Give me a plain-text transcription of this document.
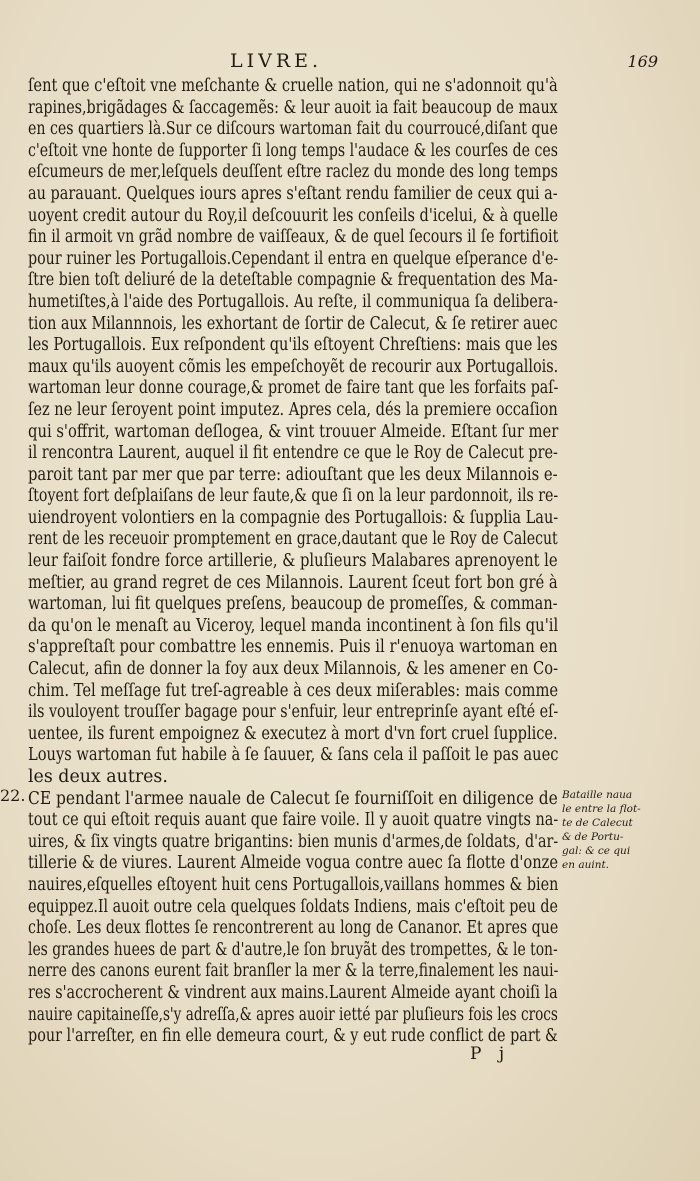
LIVRE.	169
ſent que c'eſtoit vne meſchante & cruelle nation, qui ne s'adonnoit qu'à
rapines,brigãdages & ſaccagemẽs: & leur auoit ia fait beaucoup de maux
en ces quartiers là.Sur ce diſcours wartoman fait du courroucé,diſant que
c'eſtoit vne honte de ſupporter ſi long temps l'audace & les courſes de ces
eſcumeurs de mer,leſquels deuſſent eſtre raclez du monde des long temps
au parauant. Quelques iours apres s'eſtant rendu familier de ceux qui a-
uoyent credit autour du Roy,il deſcouurit les conſeils d'icelui, & à quelle
fin il armoit vn grãd nombre de vaiſſeaux, & de quel ſecours il ſe fortifioit
pour ruiner les Portugallois.Cependant il entra en quelque eſperance d'e-
ſtre bien toſt deliuré de la deteſtable compagnie & frequentation des Ma-
humetiſtes,à l'aide des Portugallois. Au reſte, il communiqua ſa delibera-
tion aux Milannnois, les exhortant de ſortir de Calecut, & ſe retirer auec
les Portugallois. Eux reſpondent qu'ils eſtoyent Chreſtiens: mais que les
maux qu'ils auoyent cõmis les empeſchoyẽt de recourir aux Portugallois.
wartoman leur donne courage,& promet de faire tant que les forfaits paſ-
ſez ne leur ſeroyent point imputez. Apres cela, dés la premiere occaſion
qui s'offrit, wartoman deſlogea, & vint trouuer Almeide. Eſtant ſur mer
il rencontra Laurent, auquel il fit entendre ce que le Roy de Calecut pre-
paroit tant par mer que par terre: adiouſtant que les deux Milannois e-
ſtoyent fort deſplaiſans de leur faute,& que ſi on la leur pardonnoit, ils re-
uiendroyent volontiers en la compagnie des Portugallois: & ſupplia Lau-
rent de les receuoir promptement en grace,dautant que le Roy de Calecut
leur faiſoit fondre force artillerie, & pluſieurs Malabares aprenoyent le
meſtier, au grand regret de ces Milannois. Laurent ſceut fort bon gré à
wartoman, lui fit quelques preſens, beaucoup de promeſſes, & comman-
da qu'on le menaſt au Viceroy, lequel manda incontinent à ſon fils qu'il
s'appreſtaſt pour combattre les ennemis. Puis il r'enuoya wartoman en
Calecut, afin de donner la foy aux deux Milannois, & les amener en Co-
chim. Tel meſſage fut treſ-agreable à ces deux miſerables: mais comme
ils vouloyent trouſſer bagage pour s'enfuir, leur entreprinſe ayant eſté eſ-
uentee, ils furent empoignez & executez à mort d'vn fort cruel ſupplice.
Louys wartoman fut habile à ſe ſauuer, & ſans cela il paſſoit le pas auec
les deux autres.
CE pendant l'armee nauale de Calecut ſe fourniſſoit en diligence de
tout ce qui eſtoit requis auant que faire voile. Il y auoit quatre vingts na-
uires, & ſix vingts quatre brigantins: bien munis d'armes,de ſoldats, d'ar-
tillerie & de viures. Laurent Almeide vogua contre auec ſa flotte d'onze
nauires,eſquelles eſtoyent huit cens Portugallois,vaillans hommes & bien
equippez.Il auoit outre cela quelques ſoldats Indiens, mais c'eſtoit peu de
choſe. Les deux flottes ſe rencontrerent au long de Cananor. Et apres que
les grandes huees de part & d'autre,le ſon bruyãt des trompettes, & le ton-
nerre des canons eurent fait branſler la mer & la terre,finalement les naui-
res s'accrocherent & vindrent aux mains.Laurent Almeide ayant choiſi la
nauire capitaineſſe,s'y adreſſa,& apres auoir ietté par pluſieurs fois les crocs
pour l'arreſter, en fin elle demeura court, & y eut rude conflict de part &
22.	Bataille naua
le entre la flot-
te de Calecut
& de Portu-
gal: & ce qui
en auint.
P j
